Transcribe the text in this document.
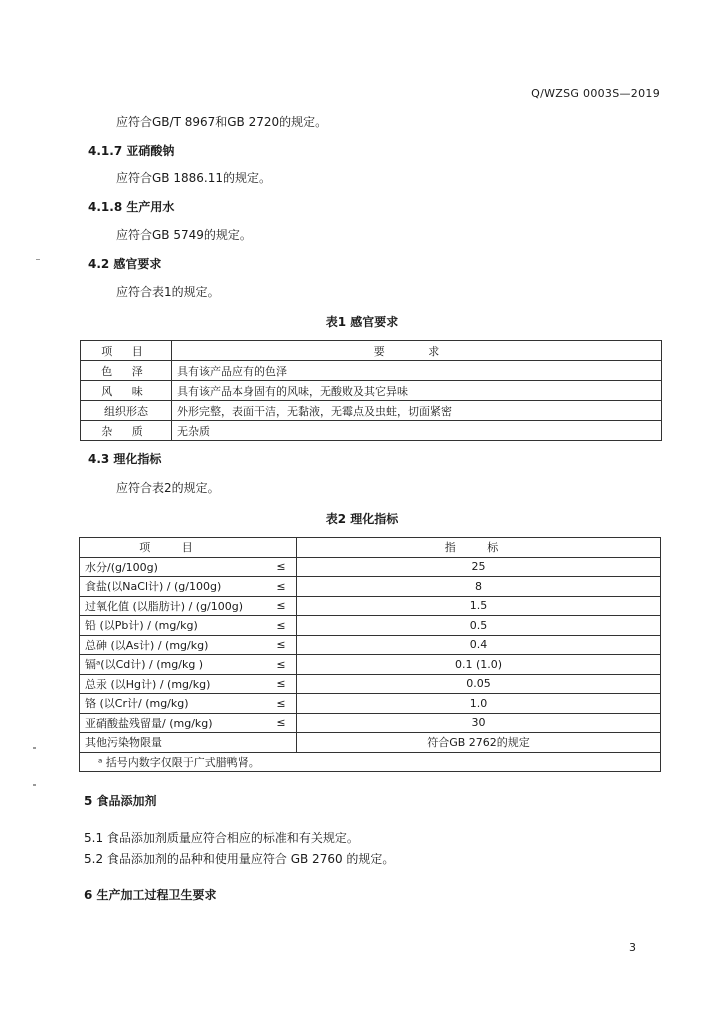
Q/WZSG 0003S—2019
应符合GB/T 8967和GB 2720的规定。
4.1.7 亚硝酸钠
应符合GB 1886.11的规定。
4.1.8 生产用水
应符合GB 5749的规定。
4.2 感官要求
应符合表1的规定。
表1 感官要求
项 目	要 求
色 泽	具有该产品应有的色泽
风 味	具有该产品本身固有的风味，无酸败及其它异味
组织形态	外形完整，表面干洁，无黏液，无霉点及虫蛀，切面紧密
杂 质	无杂质
4.3 理化指标
应符合表2的规定。
表2 理化指标
项 目		指 标
水分/(g/100g)	≤	25
食盐(以NaCl计) / (g/100g)	≤	8
过氧化值 (以脂肪计) / (g/100g)	≤	1.5
铅 (以Pb计) / (mg/kg)	≤	0.5
总砷 (以As计) / (mg/kg)	≤	0.4
镉ᵃ(以Cd计) / (mg/kg )	≤	0.1 (1.0)
总汞 (以Hg计) / (mg/kg)	≤	0.05
铬 (以Cr计/ (mg/kg)	≤	1.0
亚硝酸盐残留量/ (mg/kg)	≤	30
其他污染物限量		符合GB 2762的规定
ᵃ 括号内数字仅限于广式腊鸭肾。		
5 食品添加剂
5.1 食品添加剂质量应符合相应的标准和有关规定。
5.2 食品添加剂的品种和使用量应符合 GB 2760 的规定。
6 生产加工过程卫生要求
3
